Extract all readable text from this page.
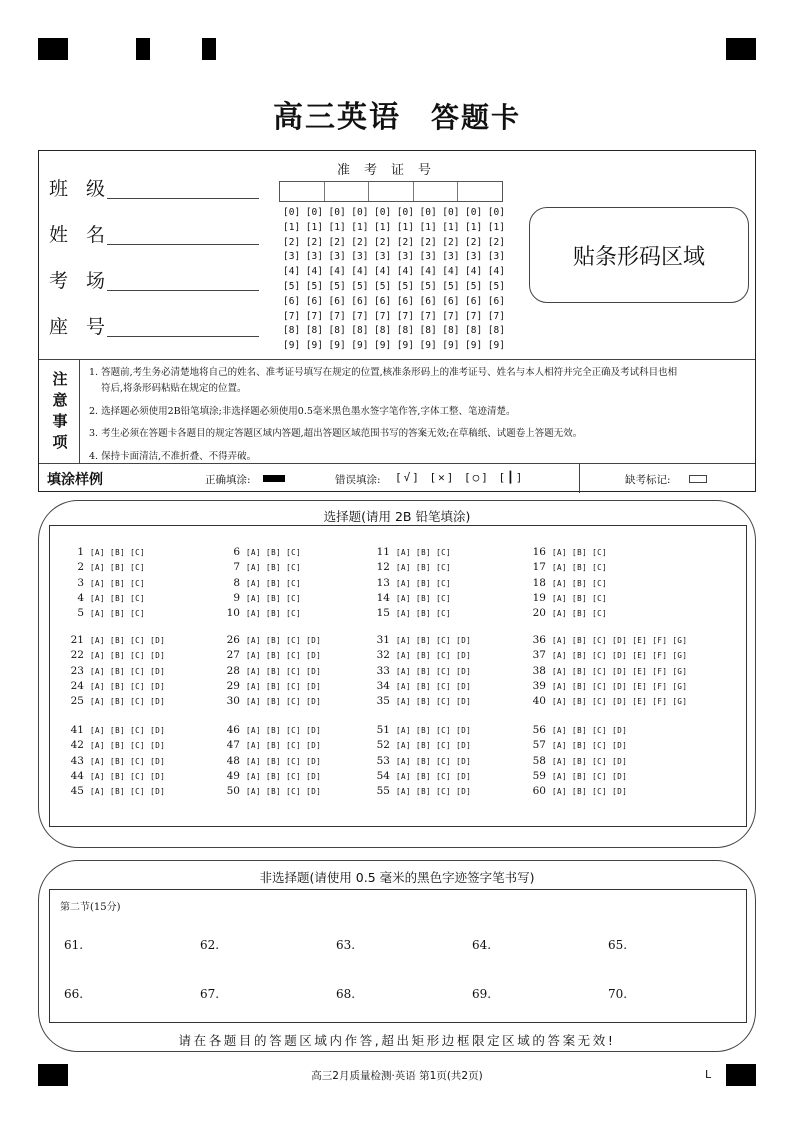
高三英语 答题卡
班级
姓名
考场
座号
准考证号
[0] [0] [0] [0] [0] [0] [0] [0] [0] [0]
[1] [1] [1] [1] [1] [1] [1] [1] [1] [1]
[2] [2] [2] [2] [2] [2] [2] [2] [2] [2]
[3] [3] [3] [3] [3] [3] [3] [3] [3] [3]
[4] [4] [4] [4] [4] [4] [4] [4] [4] [4]
[5] [5] [5] [5] [5] [5] [5] [5] [5] [5]
[6] [6] [6] [6] [6] [6] [6] [6] [6] [6]
[7] [7] [7] [7] [7] [7] [7] [7] [7] [7]
[8] [8] [8] [8] [8] [8] [8] [8] [8] [8]
[9] [9] [9] [9] [9] [9] [9] [9] [9] [9]
贴条形码区域
注意事项

1. 答题前,考生务必清楚地将自己的姓名、准考证号填写在规定的位置,核准条形码上的准考证号、姓名与本人相符并完全正确及考试科目也相

符后,将条形码粘贴在规定的位置。

2. 选择题必须使用2B铅笔填涂;非选择题必须使用0.5毫米黑色墨水签字笔作答,字体工整、笔迹清楚。

3. 考生必须在答题卡各题目的规定答题区域内答题,超出答题区域范围书写的答案无效;在草稿纸、试题卷上答题无效。

4. 保持卡面清洁,不准折叠、不得弄破。

填涂样例	正确填涂:	错误填涂: [√] [✕] [○] [┃]	缺考标记:
选择题(请用 2B 铅笔填涂)
1 [A] [B] [C]
2 [A] [B] [C]
3 [A] [B] [C]
4 [A] [B] [C]
5 [A] [B] [C]
6 [A] [B] [C]
7 [A] [B] [C]
8 [A] [B] [C]
9 [A] [B] [C]
10 [A] [B] [C]
11 [A] [B] [C]
12 [A] [B] [C]
13 [A] [B] [C]
14 [A] [B] [C]
15 [A] [B] [C]
16 [A] [B] [C]
17 [A] [B] [C]
18 [A] [B] [C]
19 [A] [B] [C]
20 [A] [B] [C]
21 [A] [B] [C] [D]
22 [A] [B] [C] [D]
23 [A] [B] [C] [D]
24 [A] [B] [C] [D]
25 [A] [B] [C] [D]
26 [A] [B] [C] [D]
27 [A] [B] [C] [D]
28 [A] [B] [C] [D]
29 [A] [B] [C] [D]
30 [A] [B] [C] [D]
31 [A] [B] [C] [D]
32 [A] [B] [C] [D]
33 [A] [B] [C] [D]
34 [A] [B] [C] [D]
35 [A] [B] [C] [D]
36 [A] [B] [C] [D] [E] [F] [G]
37 [A] [B] [C] [D] [E] [F] [G]
38 [A] [B] [C] [D] [E] [F] [G]
39 [A] [B] [C] [D] [E] [F] [G]
40 [A] [B] [C] [D] [E] [F] [G]
41 [A] [B] [C] [D]
42 [A] [B] [C] [D]
43 [A] [B] [C] [D]
44 [A] [B] [C] [D]
45 [A] [B] [C] [D]
46 [A] [B] [C] [D]
47 [A] [B] [C] [D]
48 [A] [B] [C] [D]
49 [A] [B] [C] [D]
50 [A] [B] [C] [D]
51 [A] [B] [C] [D]
52 [A] [B] [C] [D]
53 [A] [B] [C] [D]
54 [A] [B] [C] [D]
55 [A] [B] [C] [D]
56 [A] [B] [C] [D]
57 [A] [B] [C] [D]
58 [A] [B] [C] [D]
59 [A] [B] [C] [D]
60 [A] [B] [C] [D]
非选择题(请使用 0.5 毫米的黑色字迹签字笔书写)
第二节(15分)
61.	62.	63.	64.	65.
66.	67.	68.	69.	70.
请在各题目的答题区域内作答,超出矩形边框限定区域的答案无效!
高三2月质量检测·英语 第1页(共2页)	L
